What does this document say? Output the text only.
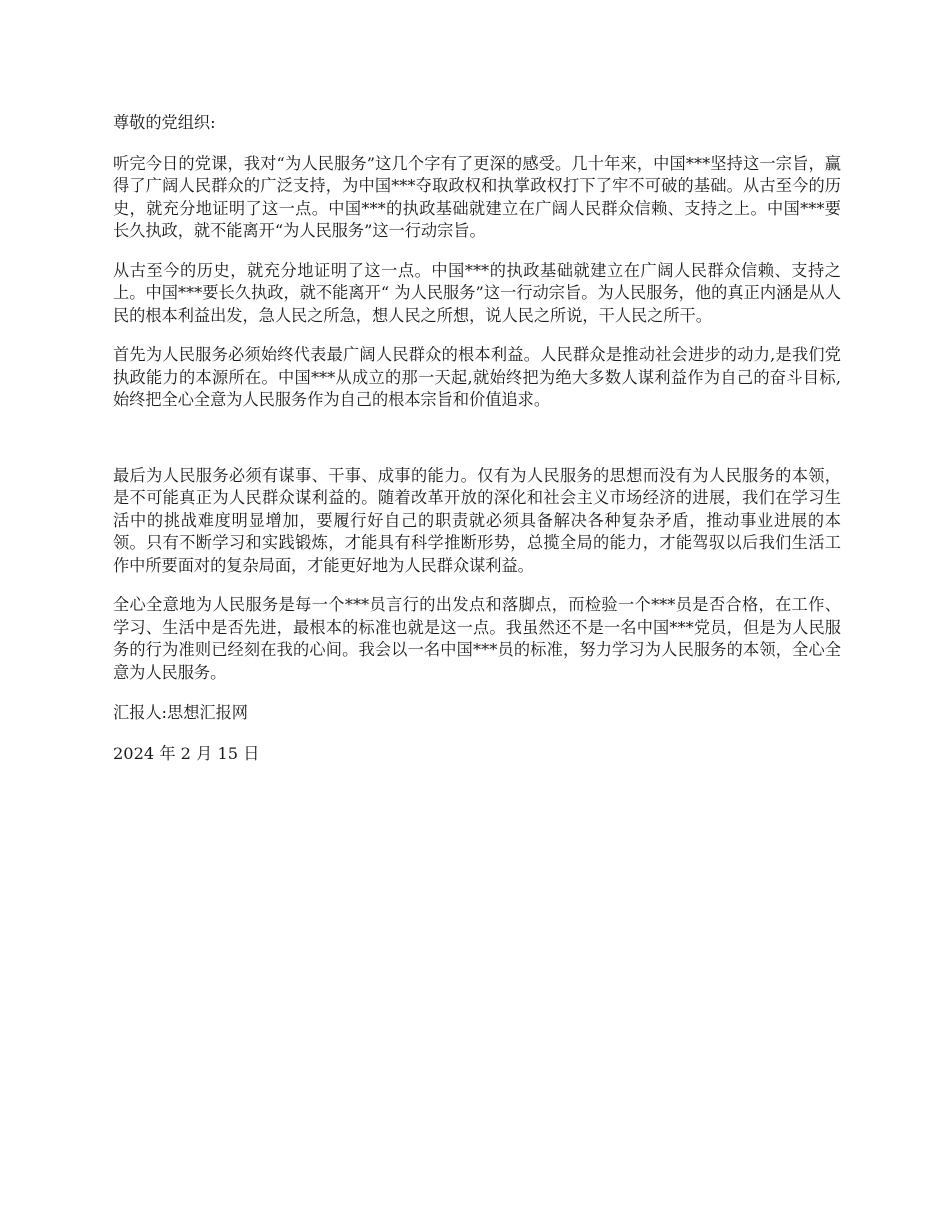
尊敬的党组织:

听完今日的党课，我对“为人民服务”这几个字有了更深的感受。几十年来，中国***坚持这一宗旨，赢得了广阔人民群众的广泛支持，为中国***夺取政权和执掌政权打下了牢不可破的基础。从古至今的历史，就充分地证明了这一点。中国***的执政基础就建立在广阔人民群众信赖、支持之上。中国***要长久执政，就不能离开“为人民服务”这一行动宗旨。

从古至今的历史，就充分地证明了这一点。中国***的执政基础就建立在广阔人民群众信赖、支持之上。中国***要长久执政，就不能离开“ 为人民服务”这一行动宗旨。为人民服务，他的真正内涵是从人民的根本利益出发，急人民之所急，想人民之所想，说人民之所说，干人民之所干。

首先为人民服务必须始终代表最广阔人民群众的根本利益。人民群众是推动社会进步的动力,是我们党执政能力的本源所在。中国***从成立的那一天起,就始终把为绝大多数人谋利益作为自己的奋斗目标,始终把全心全意为人民服务作为自己的根本宗旨和价值追求。

最后为人民服务必须有谋事、干事、成事的能力。仅有为人民服务的思想而没有为人民服务的本领，是不可能真正为人民群众谋利益的。随着改革开放的深化和社会主义市场经济的进展，我们在学习生活中的挑战难度明显增加，要履行好自己的职责就必须具备解决各种复杂矛盾，推动事业进展的本领。只有不断学习和实践锻炼，才能具有科学推断形势，总揽全局的能力，才能驾驭以后我们生活工作中所要面对的复杂局面，才能更好地为人民群众谋利益。

全心全意地为人民服务是每一个***员言行的出发点和落脚点，而检验一个***员是否合格，在工作、学习、生活中是否先进，最根本的标准也就是这一点。我虽然还不是一名中国***党员，但是为人民服务的行为准则已经刻在我的心间。我会以一名中国***员的标准，努力学习为人民服务的本领，全心全意为人民服务。

汇报人:思想汇报网

2024 年 2 月 15 日
